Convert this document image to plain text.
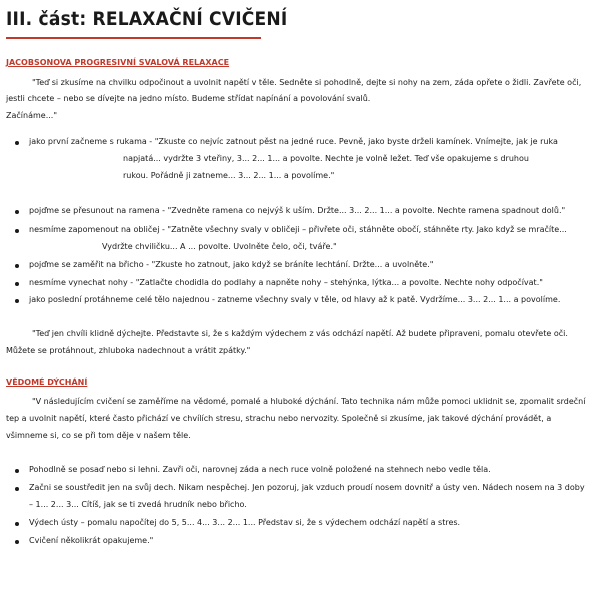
III. část: RELAXAČNÍ CVIČENÍ
JACOBSONOVA PROGRESIVNÍ SVALOVÁ RELAXACE
"Teď si zkusíme na chvilku odpočinout a uvolnit napětí v těle. Sedněte si pohodlně, dejte si nohy na zem, záda opřete o židli. Zavřete oči,
jestli chcete – nebo se dívejte na jedno místo. Budeme střídat napínání a povolování svalů.
Začínáme..."
jako první začneme s rukama - "Zkuste co nejvíc zatnout pěst na jedné ruce. Pevně, jako byste drželi kamínek. Vnímejte, jak je ruka
napjatá... vydržte 3 vteřiny, 3... 2... 1... a povolte. Nechte je volně ležet. Teď vše opakujeme s druhou
rukou. Pořádně ji zatneme... 3... 2... 1... a povolíme."
pojďme se přesunout na ramena - "Zvedněte ramena co nejvýš k uším. Držte... 3... 2... 1... a povolte. Nechte ramena spadnout dolů."
nesmíme zapomenout na obličej - "Zatněte všechny svaly v obličeji – přivřete oči, stáhněte obočí, stáhněte rty. Jako když se mračíte...
Vydržte chviličku... A ... povolte. Uvolněte čelo, oči, tváře."
pojďme se zaměřit na břicho - "Zkuste ho zatnout, jako když se bráníte lechtání. Držte... a uvolněte."
nesmíme vynechat nohy - "Zatlačte chodidla do podlahy a napněte nohy – stehýnka, lýtka... a povolte. Nechte nohy odpočívat."
jako poslední protáhneme celé tělo najednou - zatneme všechny svaly v těle, od hlavy až k patě. Vydržíme... 3... 2... 1... a povolíme.
"Teď jen chvíli klidně dýchejte. Představte si, že s každým výdechem z vás odchází napětí. Až budete připraveni, pomalu otevřete oči.
Můžete se protáhnout, zhluboka nadechnout a vrátit zpátky."
VĚDOMÉ DÝCHÁNÍ
"V následujícím cvičení se zaměříme na vědomé, pomalé a hluboké dýchání. Tato technika nám může pomoci uklidnit se, zpomalit srdeční
tep a uvolnit napětí, které často přichází ve chvílích stresu, strachu nebo nervozity. Společně si zkusíme, jak takové dýchání provádět, a
všimneme si, co se při tom děje v našem těle.
Pohodlně se posaď nebo si lehni. Zavři oči, narovnej záda a nech ruce volně položené na stehnech nebo vedle těla.
Začni se soustředit jen na svůj dech. Nikam nespěchej. Jen pozoruj, jak vzduch proudí nosem dovnitř a ústy ven. Nádech nosem na 3 doby
– 1... 2... 3... Cítíš, jak se ti zvedá hrudník nebo břicho.
Výdech ústy – pomalu napočítej do 5, 5... 4... 3... 2... 1... Představ si, že s výdechem odchází napětí a stres.
Cvičení několikrát opakujeme."
